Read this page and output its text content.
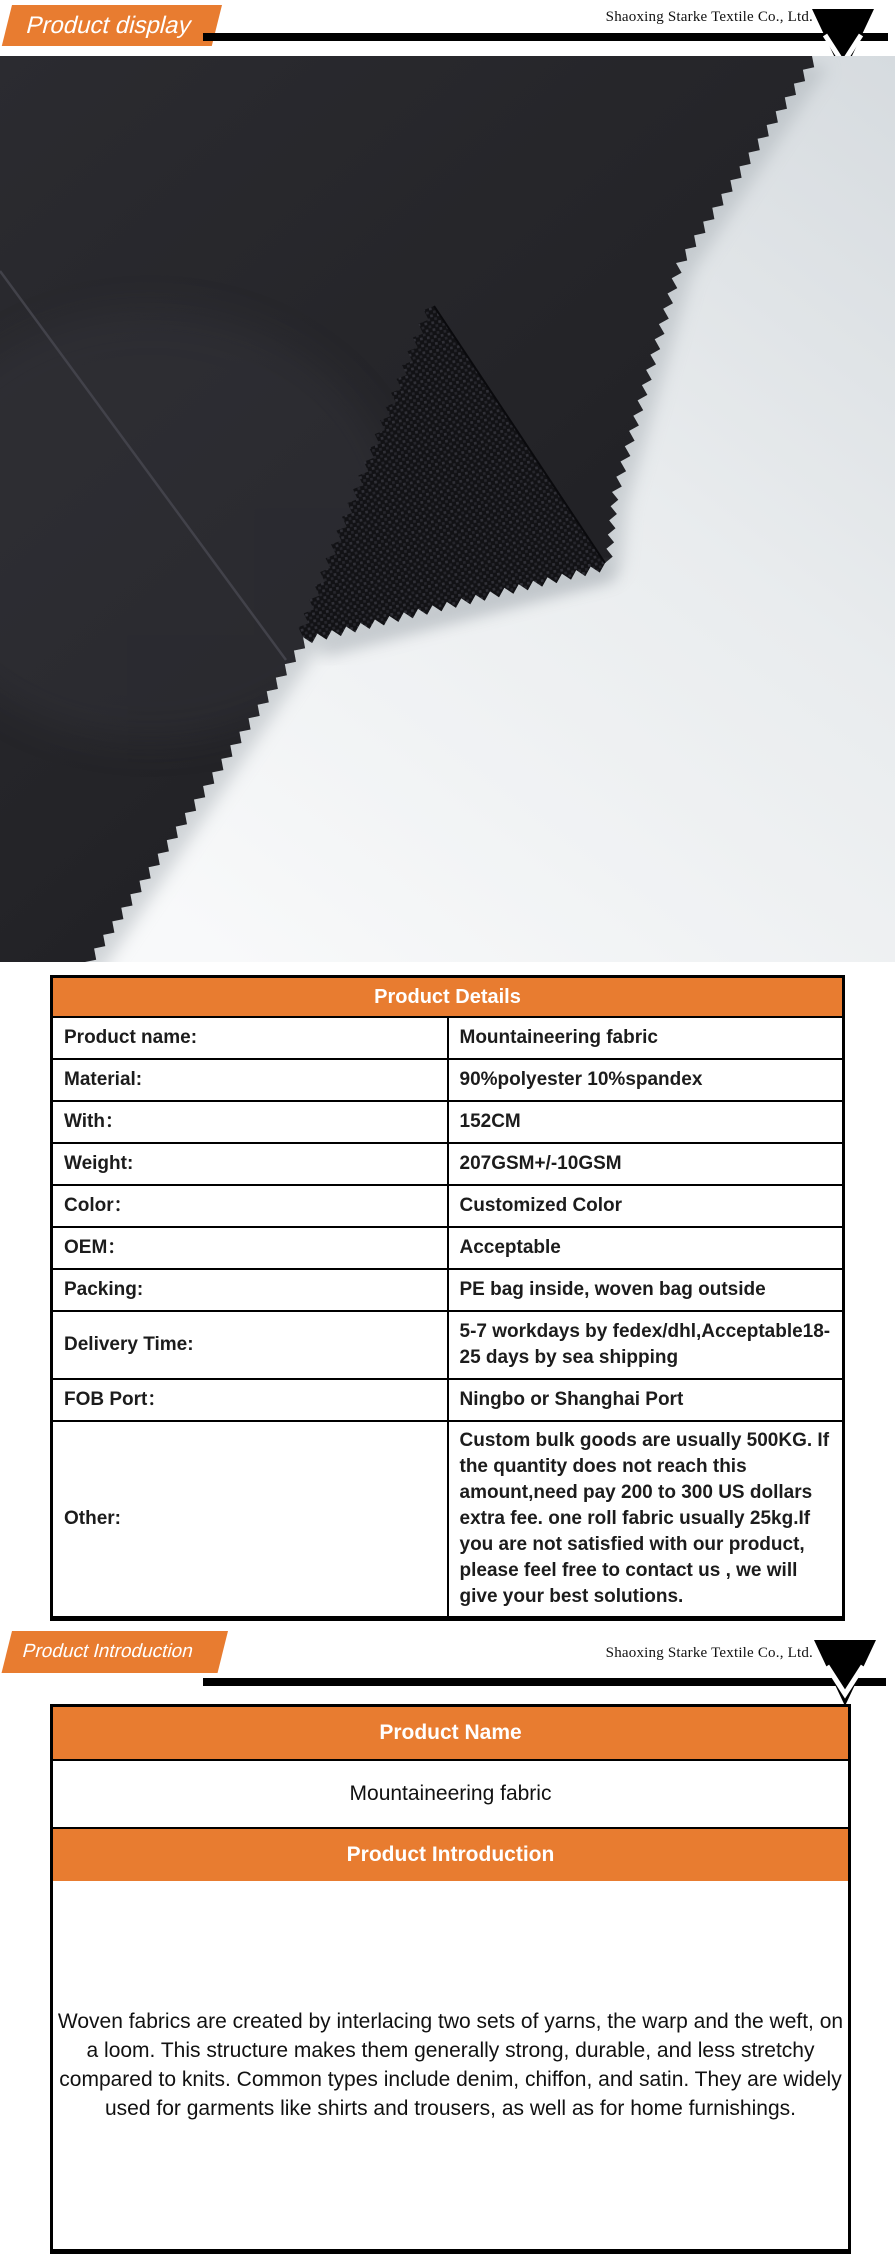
Product display	Shaoxing Starke Textile Co., Ltd.
Product Details	
Product name:	Mountaineering fabric
Material:	90%polyester 10%spandex
With：	152CM
Weight:	207GSM+/-10GSM
Color：	Customized Color
OEM：	Acceptable
Packing:	PE bag inside, woven bag outside
Delivery Time:	5-7 workdays by fedex/dhl,Acceptable18-25 days by sea shipping
FOB Port：	Ningbo or Shanghai Port
Other:	Custom bulk goods are usually 500KG. If the quantity does not reach this amount,need pay 200 to 300 US dollars extra fee. one roll fabric usually 25kg.If you are not satisfied with our product, please feel free to contact us , we will give your best solutions.
Product Introduction	Shaoxing Starke Textile Co., Ltd.
Product Name
Mountaineering fabric
Product Introduction

Woven fabrics are created by interlacing two sets of yarns, the warp and the weft, on a loom. This structure makes them generally strong, durable, and less stretchy compared to knits. Common types include denim, chiffon, and satin. They are widely used for garments like shirts and trousers, as well as for home furnishings.
